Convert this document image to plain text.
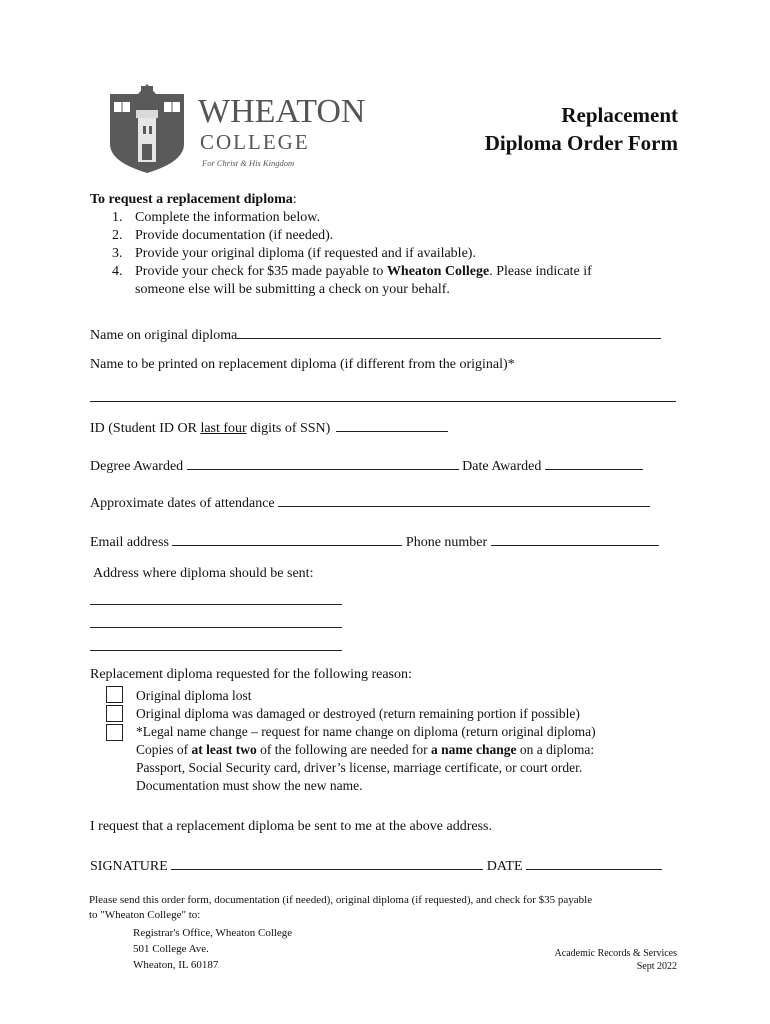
WHEATON
COLLEGE
For Christ & His Kingdom
Replacement
Diploma Order Form
To request a replacement diploma:
1. Complete the information below.
2. Provide documentation (if needed).
3. Provide your original diploma (if requested and if available).
4. Provide your check for $35 made payable to Wheaton College. Please indicate if
someone else will be submitting a check on your behalf.
Name on original diploma
Name to be printed on replacement diploma (if different from the original)*
ID (Student ID OR last four digits of SSN)
Degree Awarded	Date Awarded
Approximate dates of attendance
Email address	Phone number
Address where diploma should be sent:
Replacement diploma requested for the following reason:
Original diploma lost
Original diploma was damaged or destroyed (return remaining portion if possible)
*Legal name change – request for name change on diploma (return original diploma)
Copies of at least two of the following are needed for a name change on a diploma:
Passport, Social Security card, driver’s license, marriage certificate, or court order.
Documentation must show the new name.
I request that a replacement diploma be sent to me at the above address.
SIGNATURE	DATE
Please send this order form, documentation (if needed), original diploma (if requested), and check for $35 payable
to "Wheaton College" to:
Registrar's Office, Wheaton College
501 College Ave.
Wheaton, IL 60187
Academic Records & Services
Sept 2022
